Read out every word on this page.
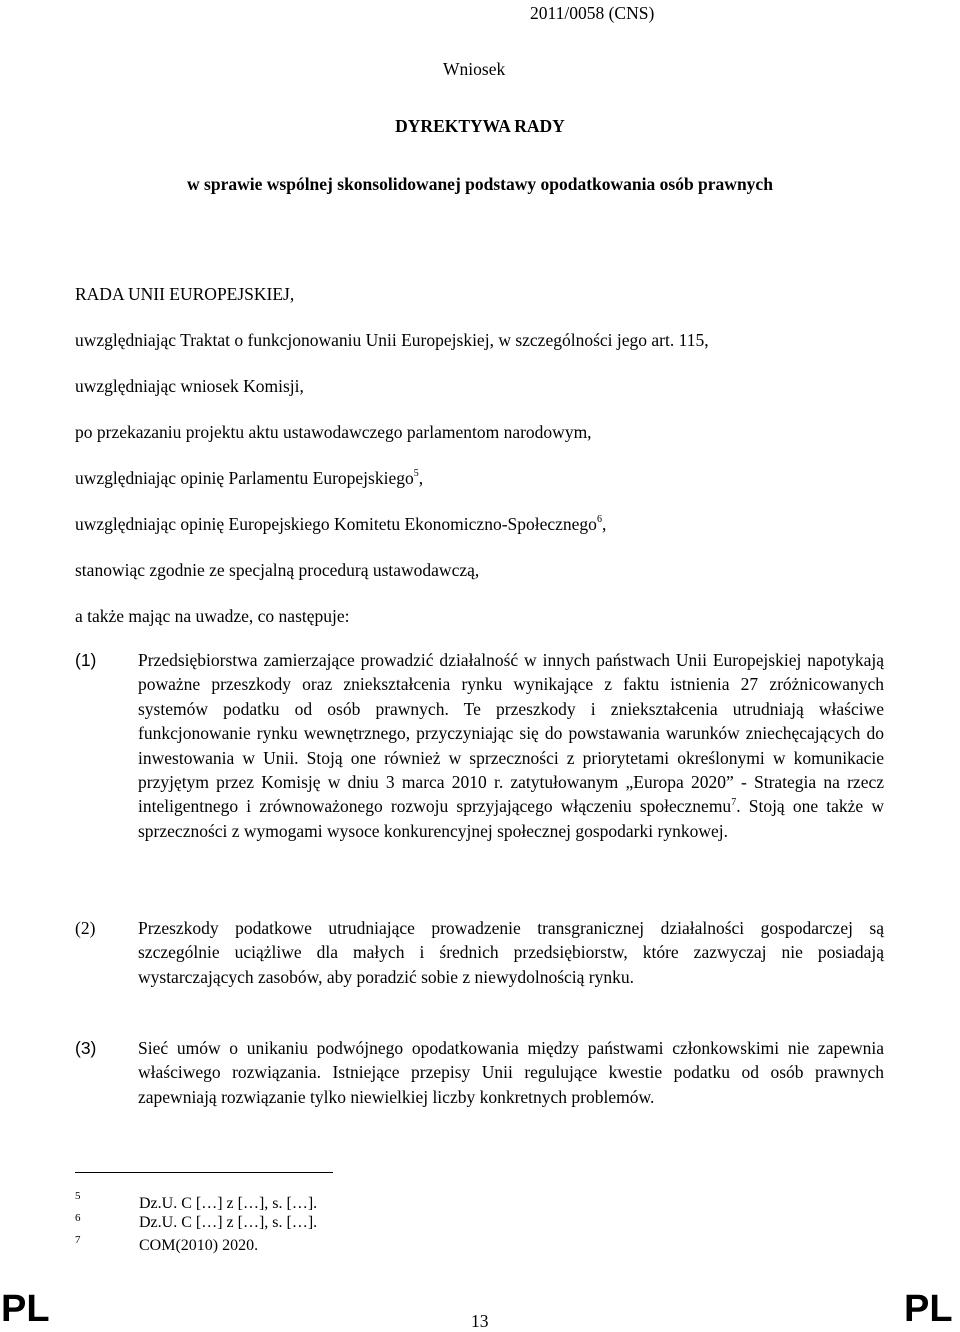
2011/0058 (CNS)
Wniosek
DYREKTYWA RADY
w sprawie wspólnej skonsolidowanej podstawy opodatkowania osób prawnych
RADA UNII EUROPEJSKIEJ,
uwzględniając Traktat o funkcjonowaniu Unii Europejskiej, w szczególności jego art. 115,
uwzględniając wniosek Komisji,
po przekazaniu projektu aktu ustawodawczego parlamentom narodowym,
uwzględniając opinię Parlamentu Europejskiego$^5$,
uwzględniając opinię Europejskiego Komitetu Ekonomiczno-Społecznego$^6$,
stanowiąc zgodnie ze specjalną procedurą ustawodawczą,
a także mając na uwadze, co następuje:
(1) Przedsiębiorstwa zamierzające prowadzić działalność w innych państwach Unii Europejskiej napotykają poważne przeszkody oraz zniekształcenia rynku wynikające z faktu istnienia 27 zróżnicowanych systemów podatku od osób prawnych. Te przeszkody i zniekształcenia utrudniają właściwe funkcjonowanie rynku wewnętrznego, przyczyniając się do powstawania warunków zniechęcających do inwestowania w Unii. Stoją one również w sprzeczności z priorytetami określonymi w komunikacie przyjętym przez Komisję w dniu 3 marca 2010 r. zatytułowanym „Europa 2020” - Strategia na rzecz inteligentnego i zrównoważonego rozwoju sprzyjającego włączeniu społecznemu$^7$. Stoją one także w sprzeczności z wymogami wysoce konkurencyjnej społecznej gospodarki rynkowej.
(2) Przeszkody podatkowe utrudniające prowadzenie transgranicznej działalności gospodarczej są szczególnie uciążliwe dla małych i średnich przedsiębiorstw, które zazwyczaj nie posiadają wystarczających zasobów, aby poradzić sobie z niewydolnością rynku.
(3) Sieć umów o unikaniu podwójnego opodatkowania między państwami członkowskimi nie zapewnia właściwego rozwiązania. Istniejące przepisy Unii regulujące kwestie podatku od osób prawnych zapewniają rozwiązanie tylko niewielkiej liczby konkretnych problemów.
5	Dz.U. C […] z […], s. […].
6	Dz.U. C […] z […], s. […].
7	COM(2010) 2020.
PL	13	PL
